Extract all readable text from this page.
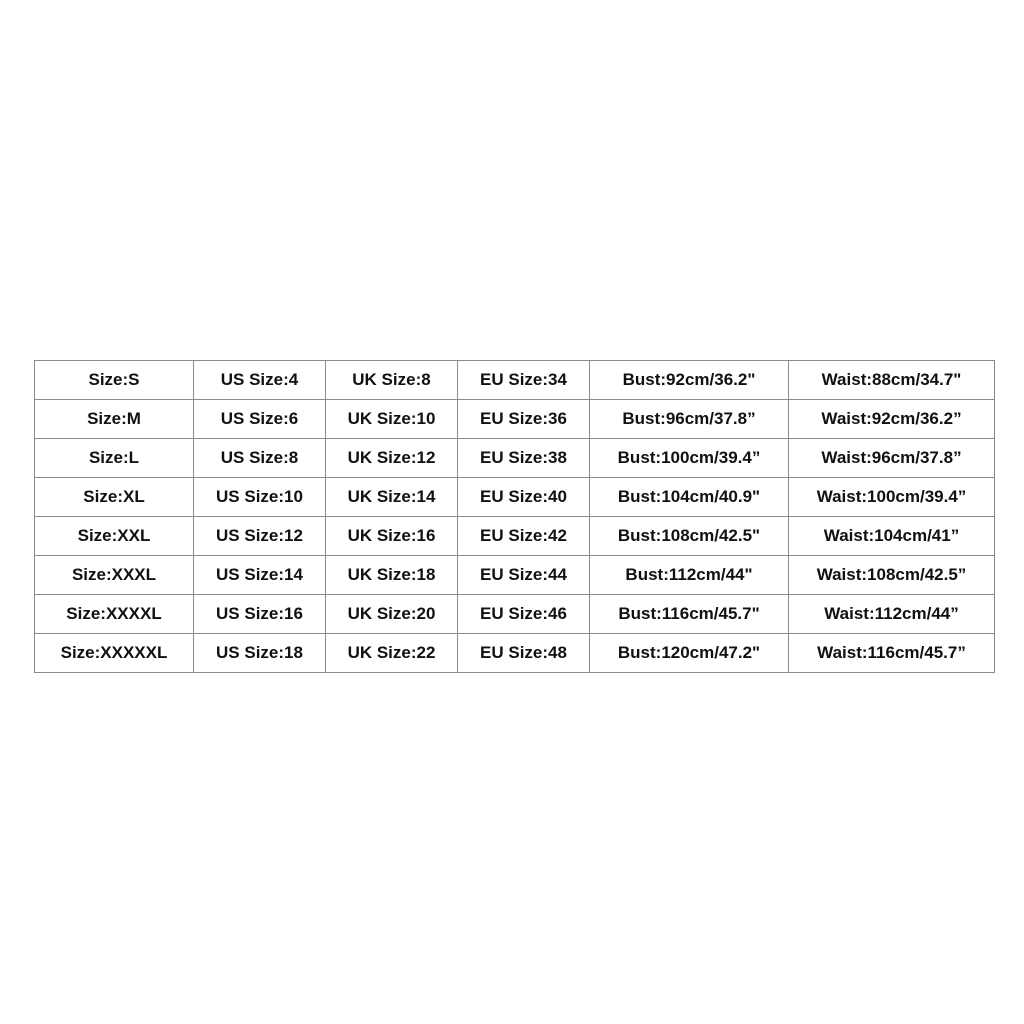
Size:S	US Size:4	UK Size:8	EU Size:34	Bust:92cm/36.2"	Waist:88cm/34.7"
Size:M	US Size:6	UK Size:10	EU Size:36	Bust:96cm/37.8”	Waist:92cm/36.2”
Size:L	US Size:8	UK Size:12	EU Size:38	Bust:100cm/39.4”	Waist:96cm/37.8”
Size:XL	US Size:10	UK Size:14	EU Size:40	Bust:104cm/40.9"	Waist:100cm/39.4”
Size:XXL	US Size:12	UK Size:16	EU Size:42	Bust:108cm/42.5"	Waist:104cm/41”
Size:XXXL	US Size:14	UK Size:18	EU Size:44	Bust:112cm/44"	Waist:108cm/42.5”
Size:XXXXL	US Size:16	UK Size:20	EU Size:46	Bust:116cm/45.7"	Waist:112cm/44”
Size:XXXXXL	US Size:18	UK Size:22	EU Size:48	Bust:120cm/47.2"	Waist:116cm/45.7”
